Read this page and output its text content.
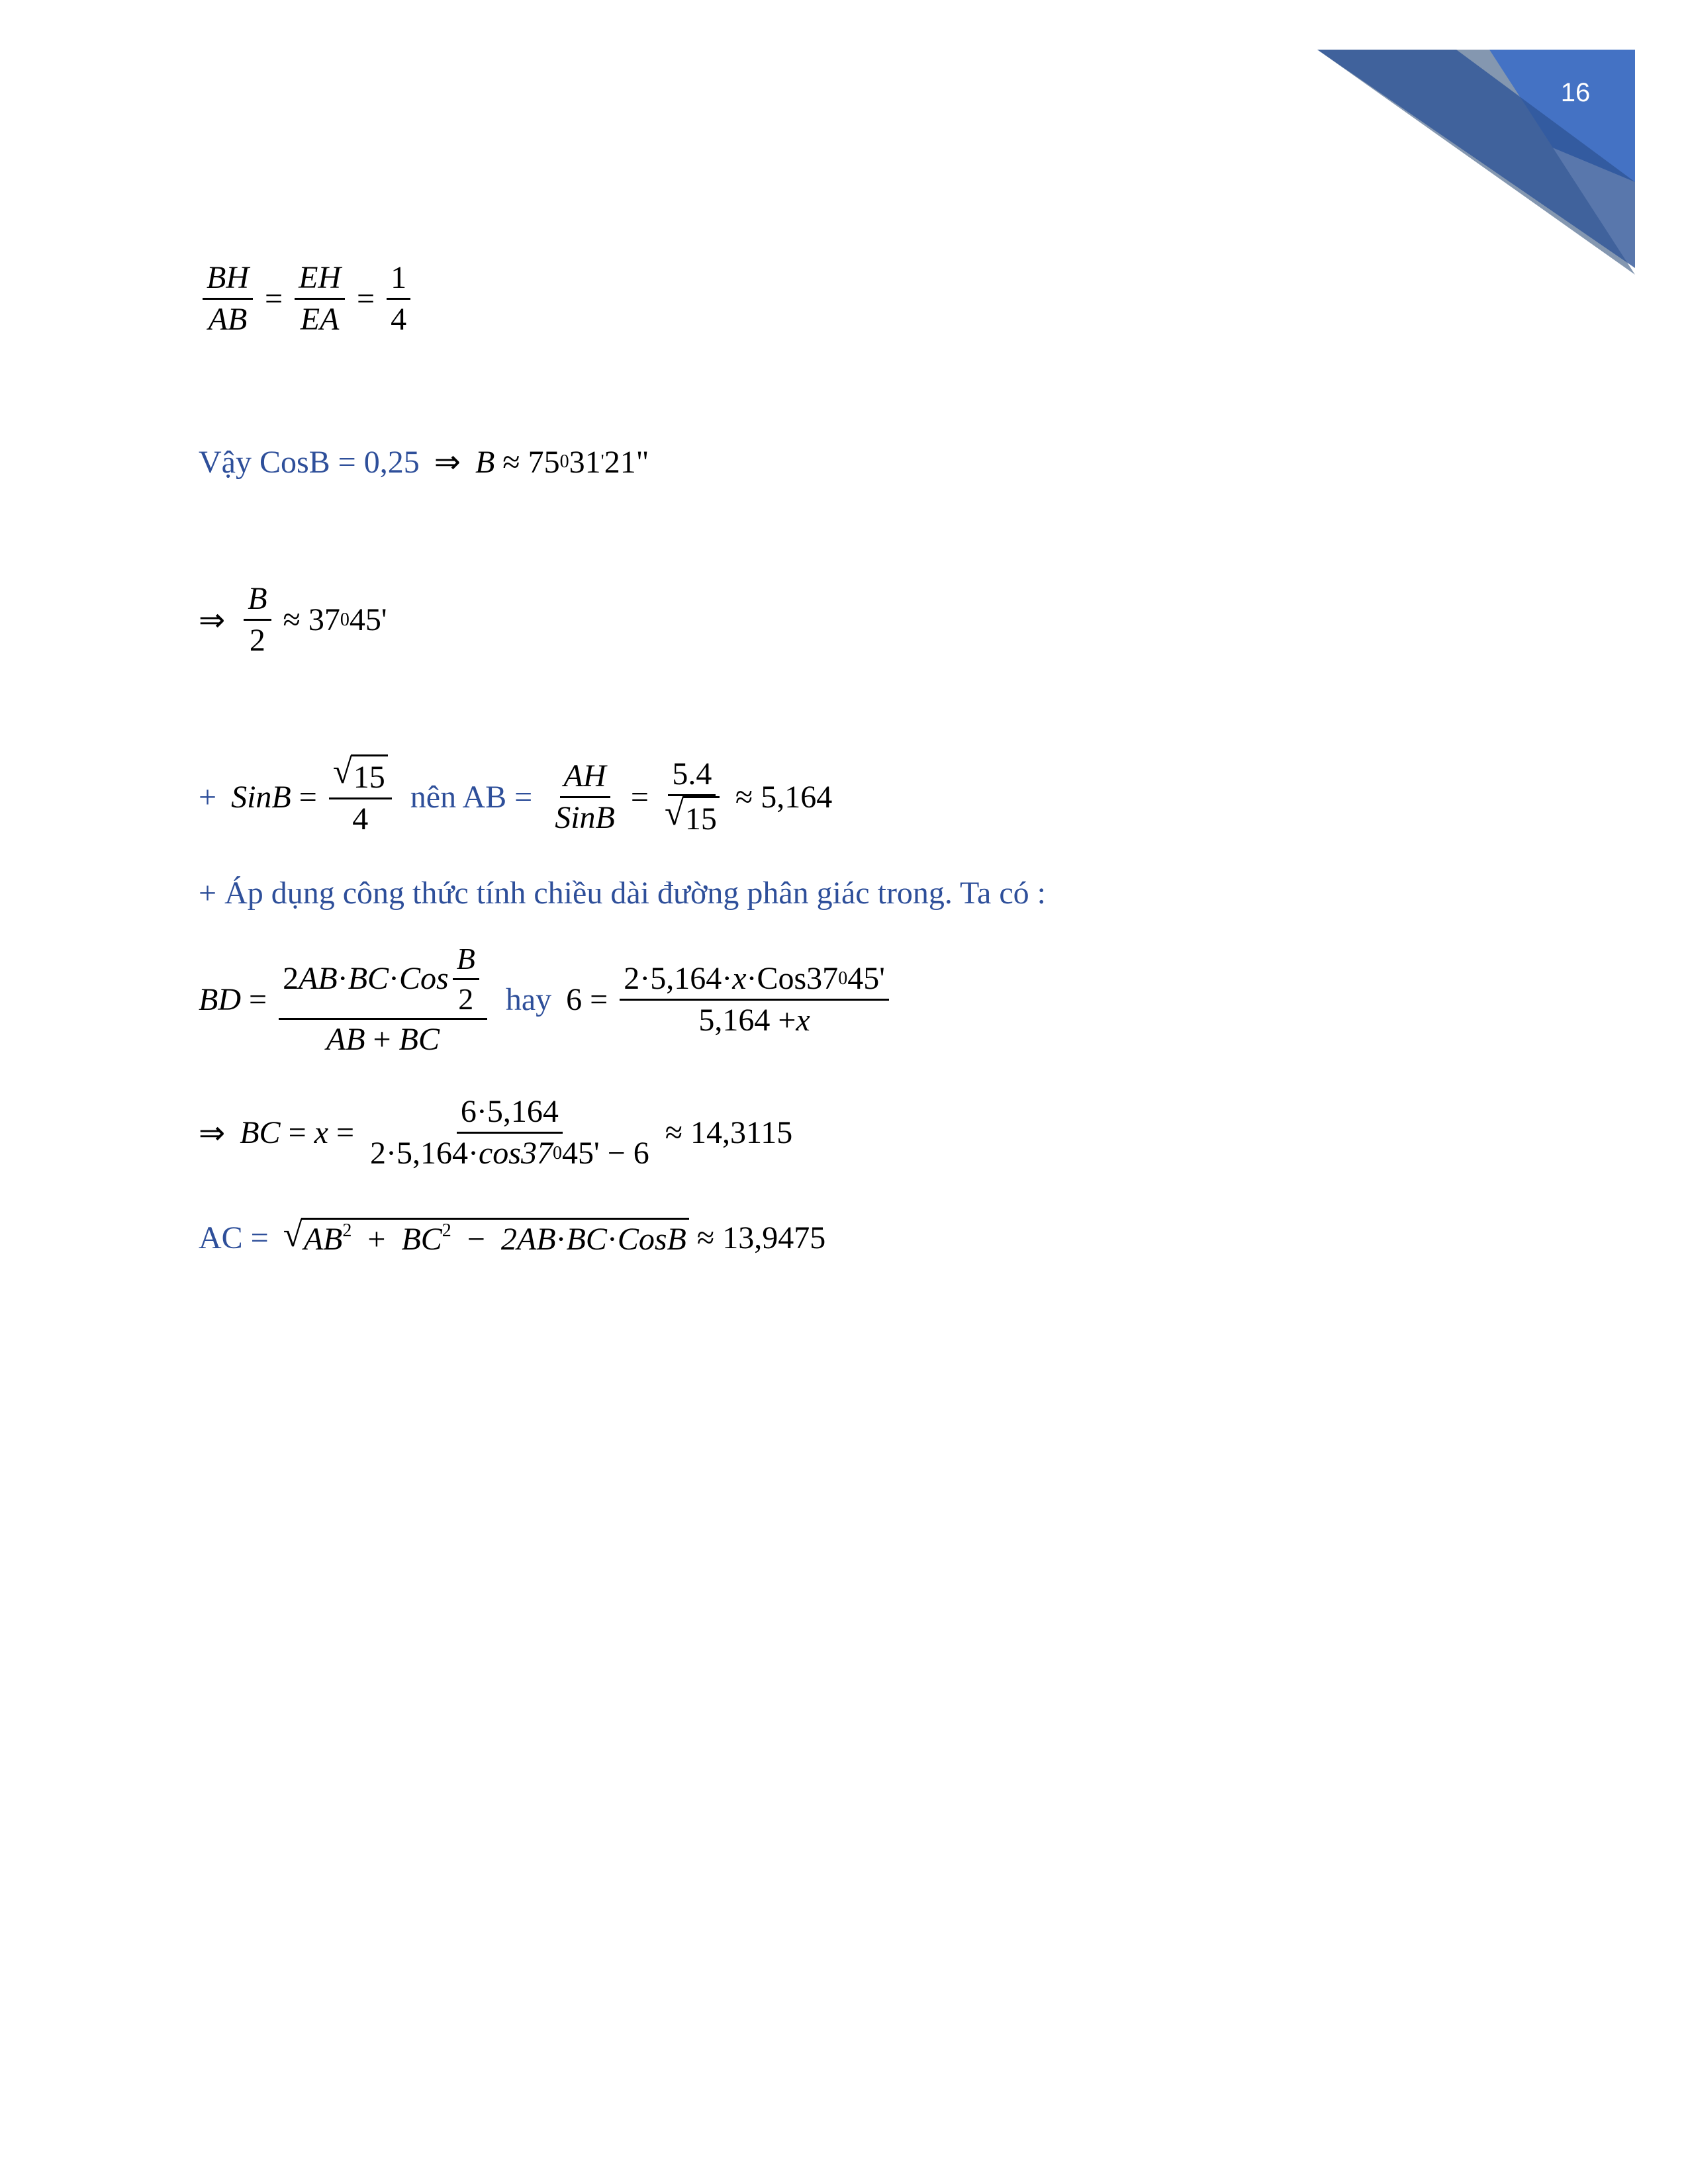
16
$\frac{BH}{AB} = \frac{EH}{EA} = \frac{1}{4}$
Vậy CosB = 0,25 ⇒ B ≈ 75 0 31 ' 21"
⇒ $\frac{B}{2} \approx 37$ 0 45'
+ SinB = $\frac{√ 15}{4}$ nên AB = $\frac{AH}{\text{SinB}} = \frac{5.4}{√ 15} \approx 5,164$
+ Áp dụng công thức tính chiều dài đường phân giác trong. Ta có :
BD = $\frac{2 AB \cdot BC \cdot Cos \frac{B}{2}}{AB + BC}$ hay $6 = \frac{\text{2·5,164· x ·Cos37 0 45'}}{5,164 + x}$
⇒ BC = $x = \frac{6\cdot 5,164}{2\cdot 5,164\cdot \cos 37 0 45' - 6} \approx 14,3115$
AC = √ $AB^2 + BC^2$ − 2AB·BC·CosB ≈ 13,9475
